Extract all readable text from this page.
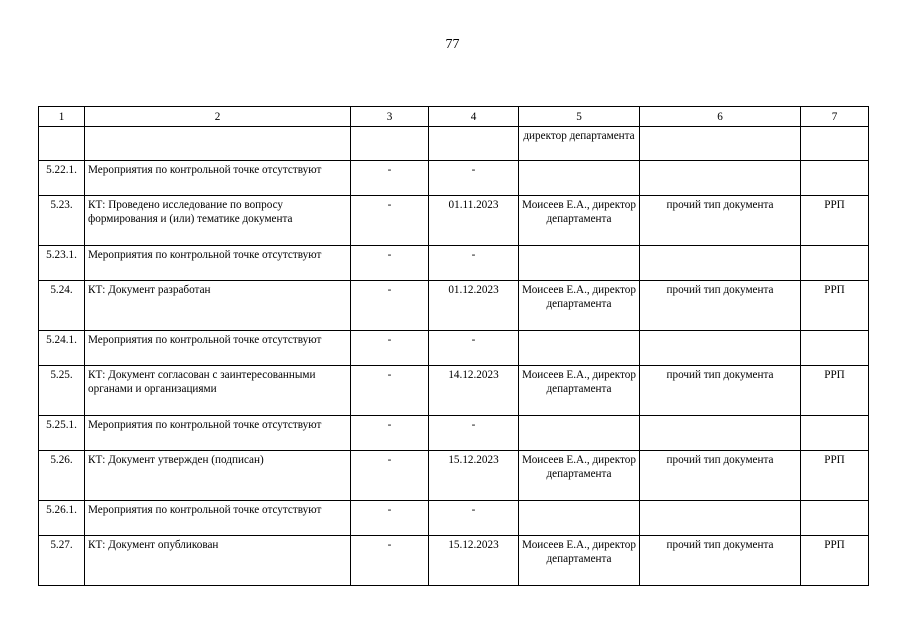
77
1	2	3	4	5	6	7
				директор департамента		
5.22.1.	Мероприятия по контрольной точке отсутствуют	-	-			
5.23.	КТ: Проведено исследование по вопросу формирования и (или) тематике документа	-	01.11.2023	Моисеев Е.А., директор департамента	прочий тип документа	РРП
5.23.1.	Мероприятия по контрольной точке отсутствуют	-	-			
5.24.	КТ: Документ разработан	-	01.12.2023	Моисеев Е.А., директор департамента	прочий тип документа	РРП
5.24.1.	Мероприятия по контрольной точке отсутствуют	-	-			
5.25.	КТ: Документ согласован с заинтересованными органами и организациями	-	14.12.2023	Моисеев Е.А., директор департамента	прочий тип документа	РРП
5.25.1.	Мероприятия по контрольной точке отсутствуют	-	-			
5.26.	КТ: Документ утвержден (подписан)	-	15.12.2023	Моисеев Е.А., директор департамента	прочий тип документа	РРП
5.26.1.	Мероприятия по контрольной точке отсутствуют	-	-			
5.27.	КТ: Документ опубликован	-	15.12.2023	Моисеев Е.А., директор департамента	прочий тип документа	РРП
